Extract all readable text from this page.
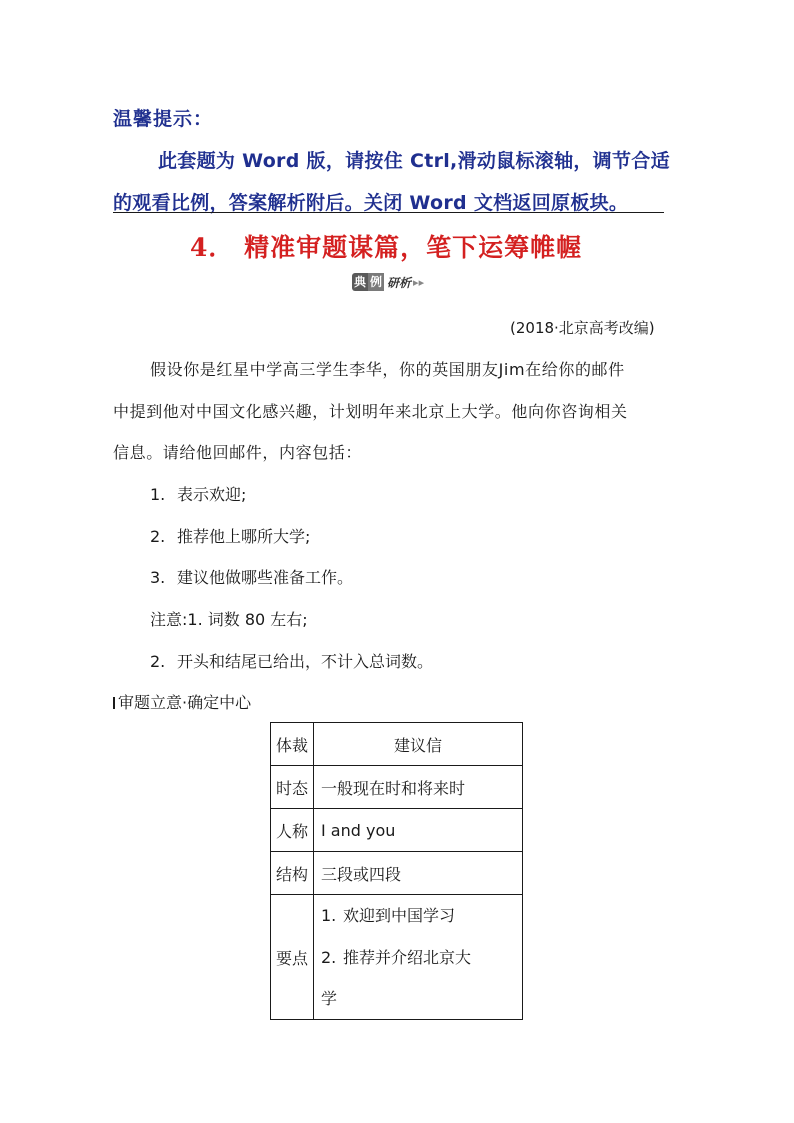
温馨提示：
此套题为 Word 版，请按住 Ctrl,滑动鼠标滚轴，调节合适
的观看比例，答案解析附后。关闭 Word 文档返回原板块。
4． 精准审题谋篇，笔下运筹帷幄
典 例 研析 ▸▸
(2018·北京高考改编)
假设你是红星中学高三学生李华，你的英国朋友Jim在给你的邮件
中提到他对中国文化感兴趣，计划明年来北京上大学。他向你咨询相关
信息。请给他回邮件，内容包括：
1. 表示欢迎;
2. 推荐他上哪所大学;
3. 建议他做哪些准备工作。
注意:1. 词数 80 左右;
2. 开头和结尾已给出，不计入总词数。
审题立意·确定中心
体裁	建议信
时态	一般现在时和将来时
人称	I and you
结构	三段或四段
要点	1. 欢迎到中国学习
2. 推荐并介绍北京大
学
